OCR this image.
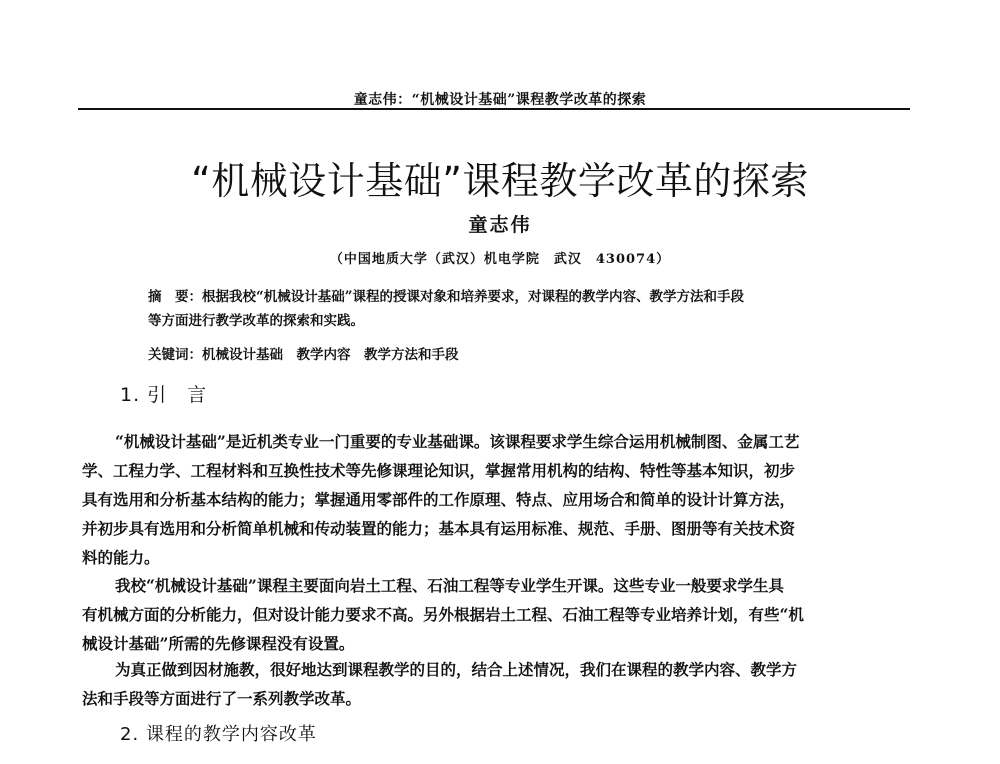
童志伟：“机械设计基础”课程教学改革的探索
“机械设计基础”课程教学改革的探索
童志伟
（中国地质大学（武汉）机电学院　武汉　430074）
摘　要：根据我校“机械设计基础”课程的授课对象和培养要求，对课程的教学内容、教学方法和手段
等方面进行教学改革的探索和实践。
关键词：机械设计基础　教学内容　教学方法和手段
1. 引　言
“机械设计基础”是近机类专业一门重要的专业基础课。该课程要求学生综合运用机械制图、金属工艺
学、工程力学、工程材料和互换性技术等先修课理论知识，掌握常用机构的结构、特性等基本知识，初步
具有选用和分析基本结构的能力；掌握通用零部件的工作原理、特点、应用场合和简单的设计计算方法，
并初步具有选用和分析简单机械和传动装置的能力；基本具有运用标准、规范、手册、图册等有关技术资
料的能力。
我校“机械设计基础”课程主要面向岩土工程、石油工程等专业学生开课。这些专业一般要求学生具
有机械方面的分析能力，但对设计能力要求不高。另外根据岩土工程、石油工程等专业培养计划，有些“机
械设计基础”所需的先修课程没有设置。
为真正做到因材施教，很好地达到课程教学的目的，结合上述情况，我们在课程的教学内容、教学方
法和手段等方面进行了一系列教学改革。
2. 课程的教学内容改革
